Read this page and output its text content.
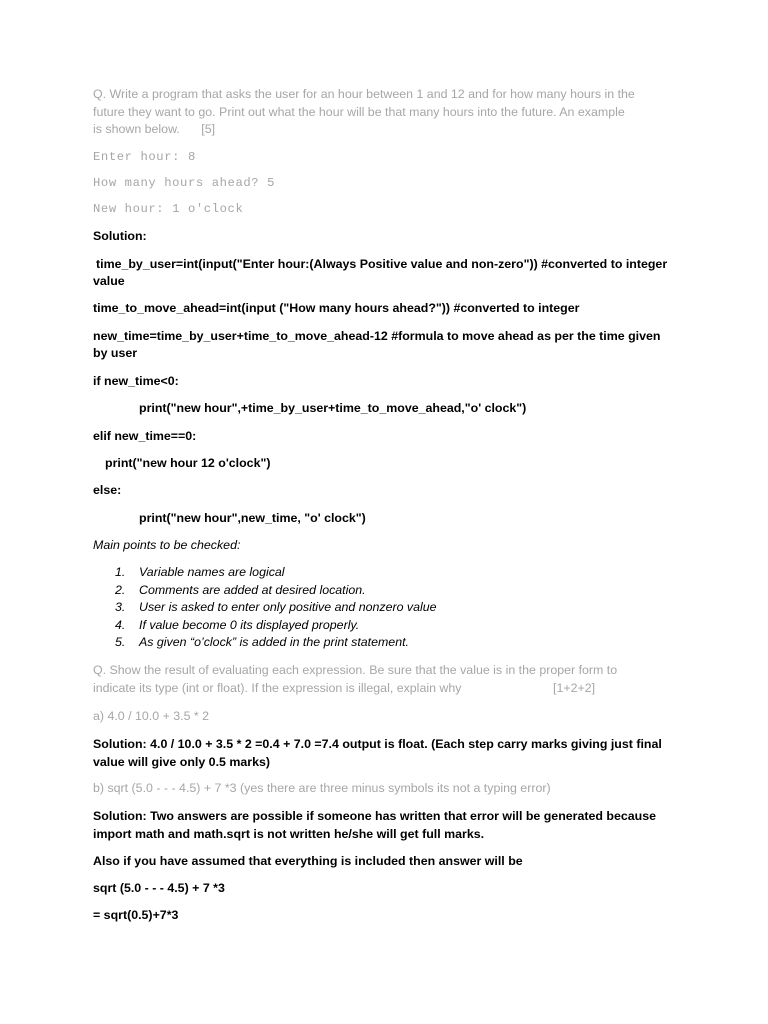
Q. Write a program that asks the user for an hour between 1 and 12 and for how many hours in the
future they want to go. Print out what the hour will be that many hours into the future. An example
is shown below. [5]
Enter hour: 8
How many hours ahead? 5
New hour: 1 o'clock
Solution:
time_by_user=int(input("Enter hour:(Always Positive value and non-zero")) #converted to integer
value
time_to_move_ahead=int(input ("How many hours ahead?")) #converted to integer
new_time=time_by_user+time_to_move_ahead-12 #formula to move ahead as per the time given
by user
if new_time<0:
print("new hour",+time_by_user+time_to_move_ahead,"o' clock")
elif new_time==0:
print("new hour 12 o'clock")
else:
print("new hour",new_time, "o' clock")
Main points to be checked:
1. Variable names are logical
2. Comments are added at desired location.
3. User is asked to enter only positive and nonzero value
4. If value become 0 its displayed properly.
5. As given “o’clock” is added in the print statement.
Q. Show the result of evaluating each expression. Be sure that the value is in the proper form to
indicate its type (int or float). If the expression is illegal, explain why	[1+2+2]
a) 4.0 / 10.0 + 3.5 * 2
Solution: 4.0 / 10.0 + 3.5 * 2 =0.4 + 7.0 =7.4 output is float. (Each step carry marks giving just final
value will give only 0.5 marks)
b) sqrt (5.0 - - - 4.5) + 7 *3 (yes there are three minus symbols its not a typing error)
Solution: Two answers are possible if someone has written that error will be generated because
import math and math.sqrt is not written he/she will get full marks.
Also if you have assumed that everything is included then answer will be
sqrt (5.0 - - - 4.5) + 7 *3
= sqrt(0.5)+7*3
